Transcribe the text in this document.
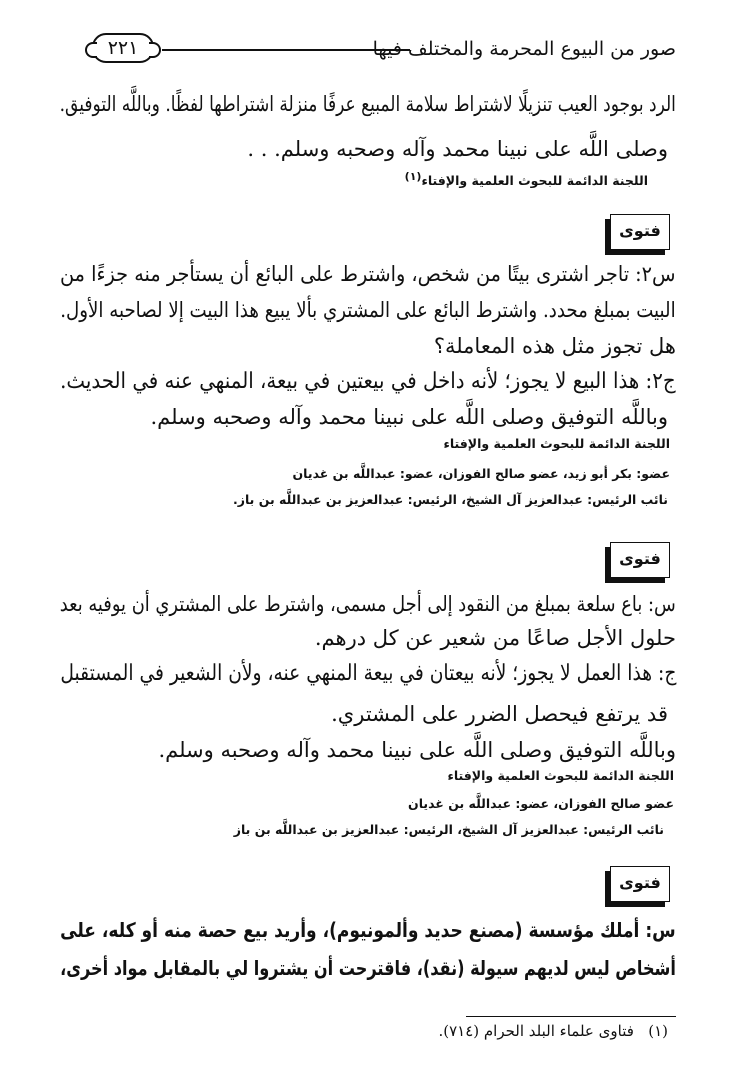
صور من البيوع المحرمة والمختلف فيها
٢٢١
الرد بوجود العيب تنزيلًا لاشتراط سلامة المبيع عرفًا منزلة اشتراطها لفظًا. وباللَّه التوفيق.
وصلى اللَّه على نبينا محمد وآله وصحبه وسلم. . .
اللجنة الدائمة للبحوث العلمية والإفتاء(١)
فتوى
س٢: تاجر اشترى بيتًا من شخص، واشترط على البائع أن يستأجر منه جزءًا من
البيت بمبلغ محدد. واشترط البائع على المشتري بألا يبيع هذا البيت إلا لصاحبه الأول.
هل تجوز مثل هذه المعاملة؟
ج٢: هذا البيع لا يجوز؛ لأنه داخل في بيعتين في بيعة، المنهي عنه في الحديث.
وباللَّه التوفيق وصلى اللَّه على نبينا محمد وآله وصحبه وسلم.
اللجنة الدائمة للبحوث العلمية والإفتاء
عضو: بكر أبو زيد، عضو صالح الفوزان، عضو: عبداللَّه بن غديان
نائب الرئيس: عبدالعزيز آل الشيخ، الرئيس: عبدالعزيز بن عبداللَّه بن باز.
فتوى
س: باع سلعة بمبلغ من النقود إلى أجل مسمى، واشترط على المشتري أن يوفيه بعد
حلول الأجل صاعًا من شعير عن كل درهم.
ج: هذا العمل لا يجوز؛ لأنه بيعتان في بيعة المنهي عنه، ولأن الشعير في المستقبل
قد يرتفع فيحصل الضرر على المشتري.
وباللَّه التوفيق وصلى اللَّه على نبينا محمد وآله وصحبه وسلم.
اللجنة الدائمة للبحوث العلمية والإفتاء
عضو صالح الفوزان، عضو: عبداللَّه بن غديان
نائب الرئيس: عبدالعزيز آل الشيخ، الرئيس: عبدالعزيز بن عبداللَّه بن باز
فتوى
س: أملك مؤسسة (مصنع حديد وألمونيوم)، وأريد بيع حصة منه أو كله، على
أشخاص ليس لديهم سيولة (نقد)، فاقترحت أن يشتروا لي بالمقابل مواد أخرى،
(١)   فتاوى علماء البلد الحرام (٧١٤).
